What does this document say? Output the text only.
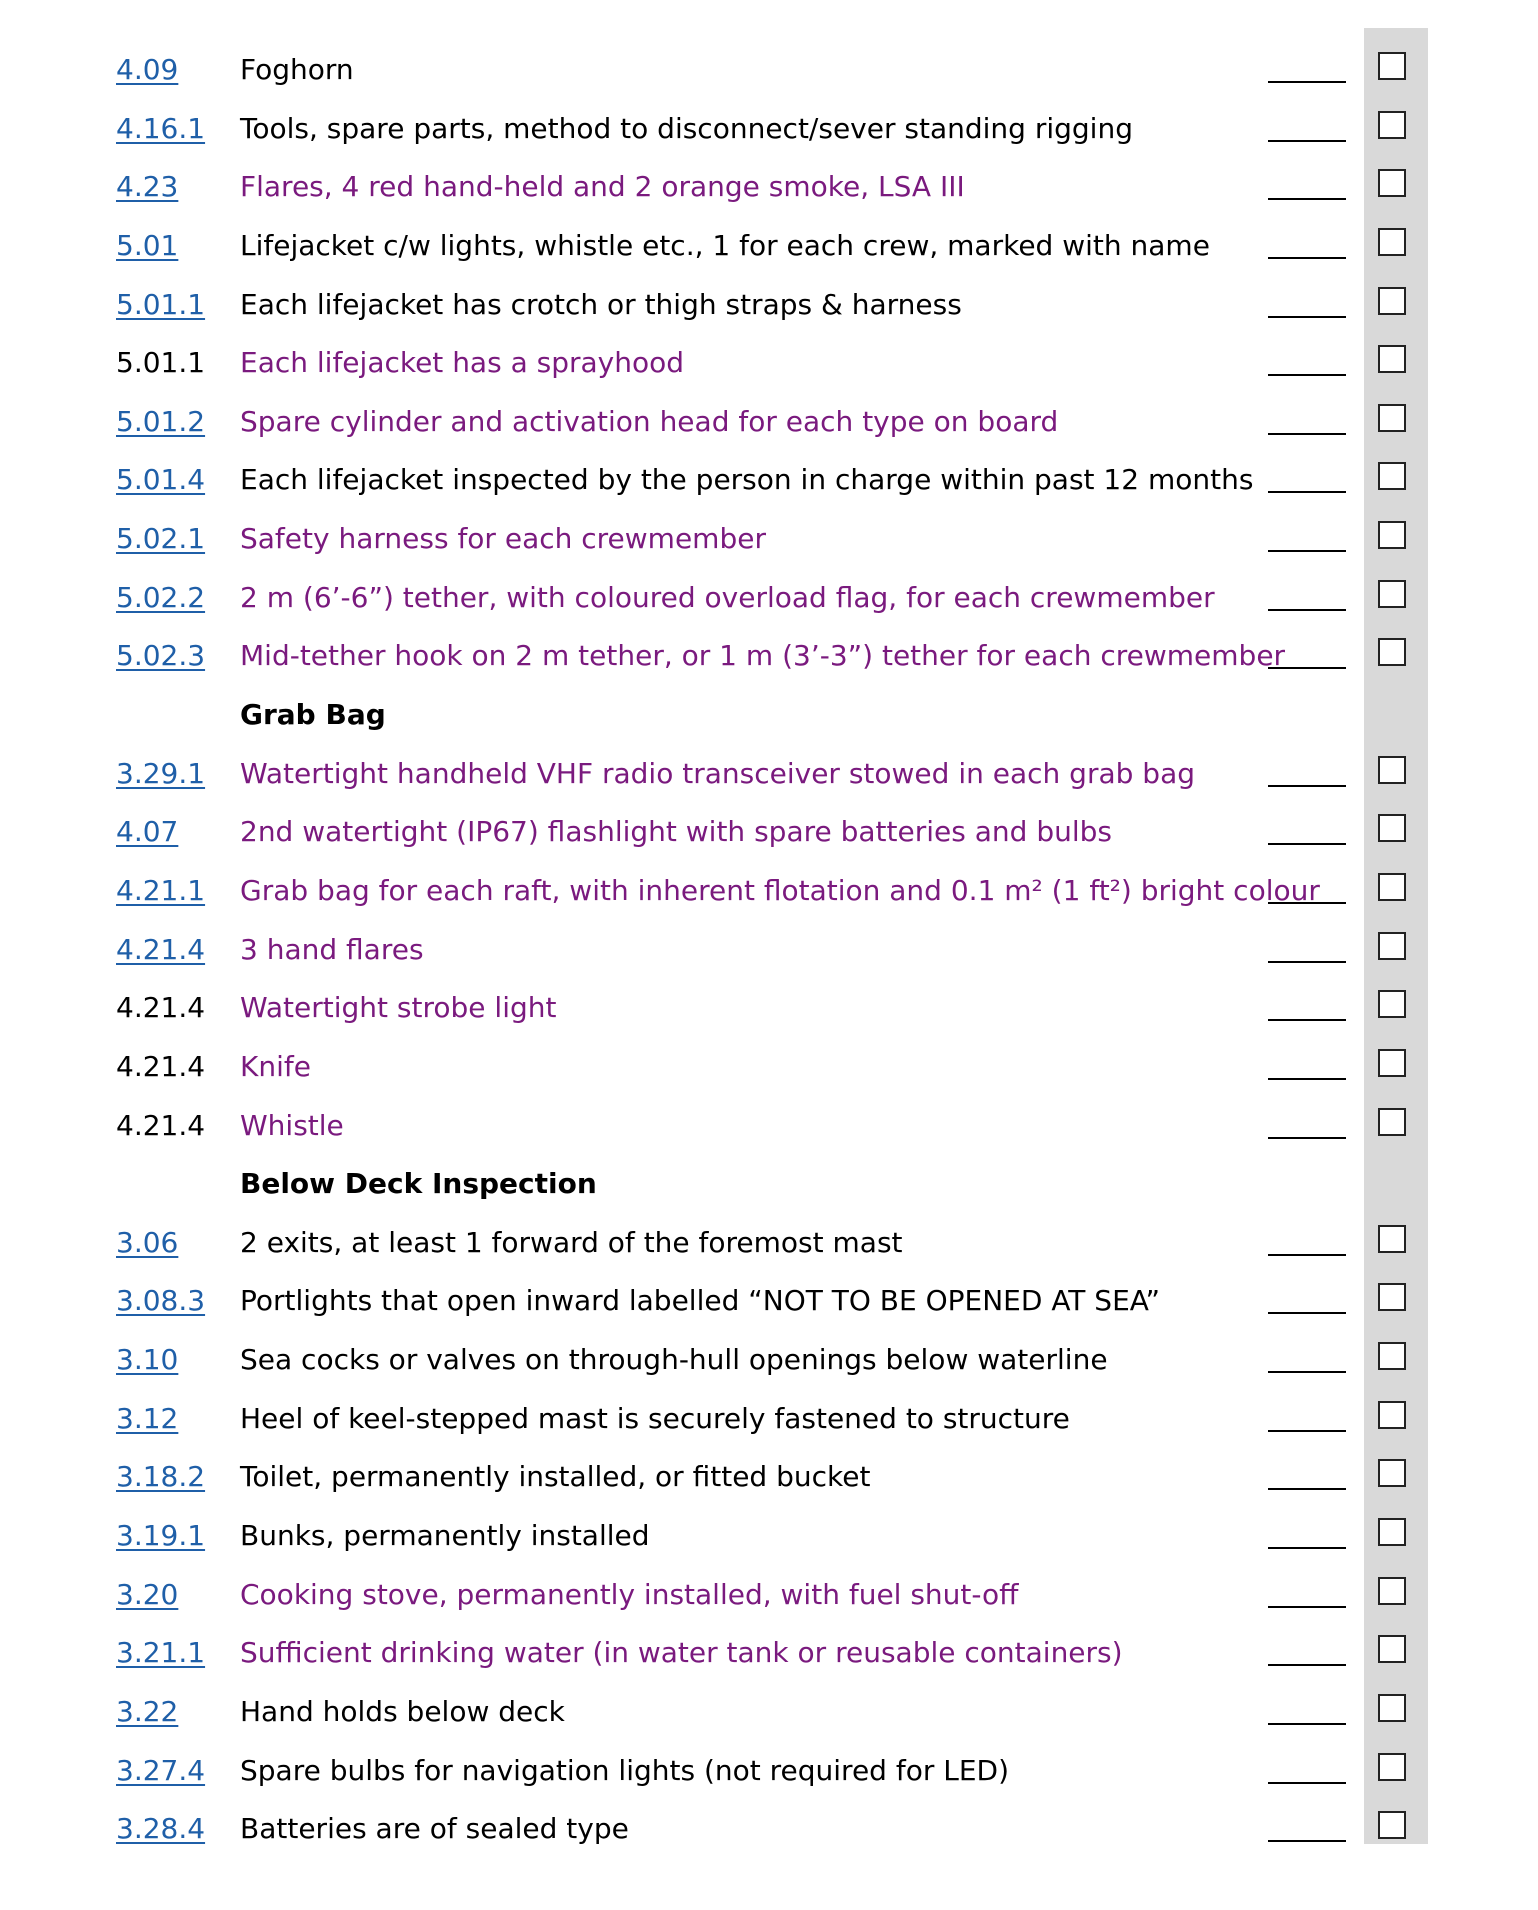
4.09 Foghorn
4.16.1 Tools, spare parts, method to disconnect/sever standing rigging
4.23 Flares, 4 red hand-held and 2 orange smoke, LSA III
5.01 Lifejacket c/w lights, whistle etc., 1 for each crew, marked with name
5.01.1 Each lifejacket has crotch or thigh straps & harness
5.01.1 Each lifejacket has a sprayhood
5.01.2 Spare cylinder and activation head for each type on board
5.01.4 Each lifejacket inspected by the person in charge within past 12 months
5.02.1 Safety harness for each crewmember
5.02.2 2 m (6’-6”) tether, with coloured overload flag, for each crewmember
5.02.3 Mid-tether hook on 2 m tether, or 1 m (3’-3”) tether for each crewmember
Grab Bag
3.29.1 Watertight handheld VHF radio transceiver stowed in each grab bag
4.07 2nd watertight (IP67) flashlight with spare batteries and bulbs
4.21.1 Grab bag for each raft, with inherent flotation and 0.1 m² (1 ft²) bright colour
4.21.4 3 hand flares
4.21.4 Watertight strobe light
4.21.4 Knife
4.21.4 Whistle
Below Deck Inspection
3.06 2 exits, at least 1 forward of the foremost mast
3.08.3 Portlights that open inward labelled “NOT TO BE OPENED AT SEA”
3.10 Sea cocks or valves on through-hull openings below waterline
3.12 Heel of keel-stepped mast is securely fastened to structure
3.18.2 Toilet, permanently installed, or fitted bucket
3.19.1 Bunks, permanently installed
3.20 Cooking stove, permanently installed, with fuel shut-off
3.21.1 Sufficient drinking water (in water tank or reusable containers)
3.22 Hand holds below deck
3.27.4 Spare bulbs for navigation lights (not required for LED)
3.28.4 Batteries are of sealed type
